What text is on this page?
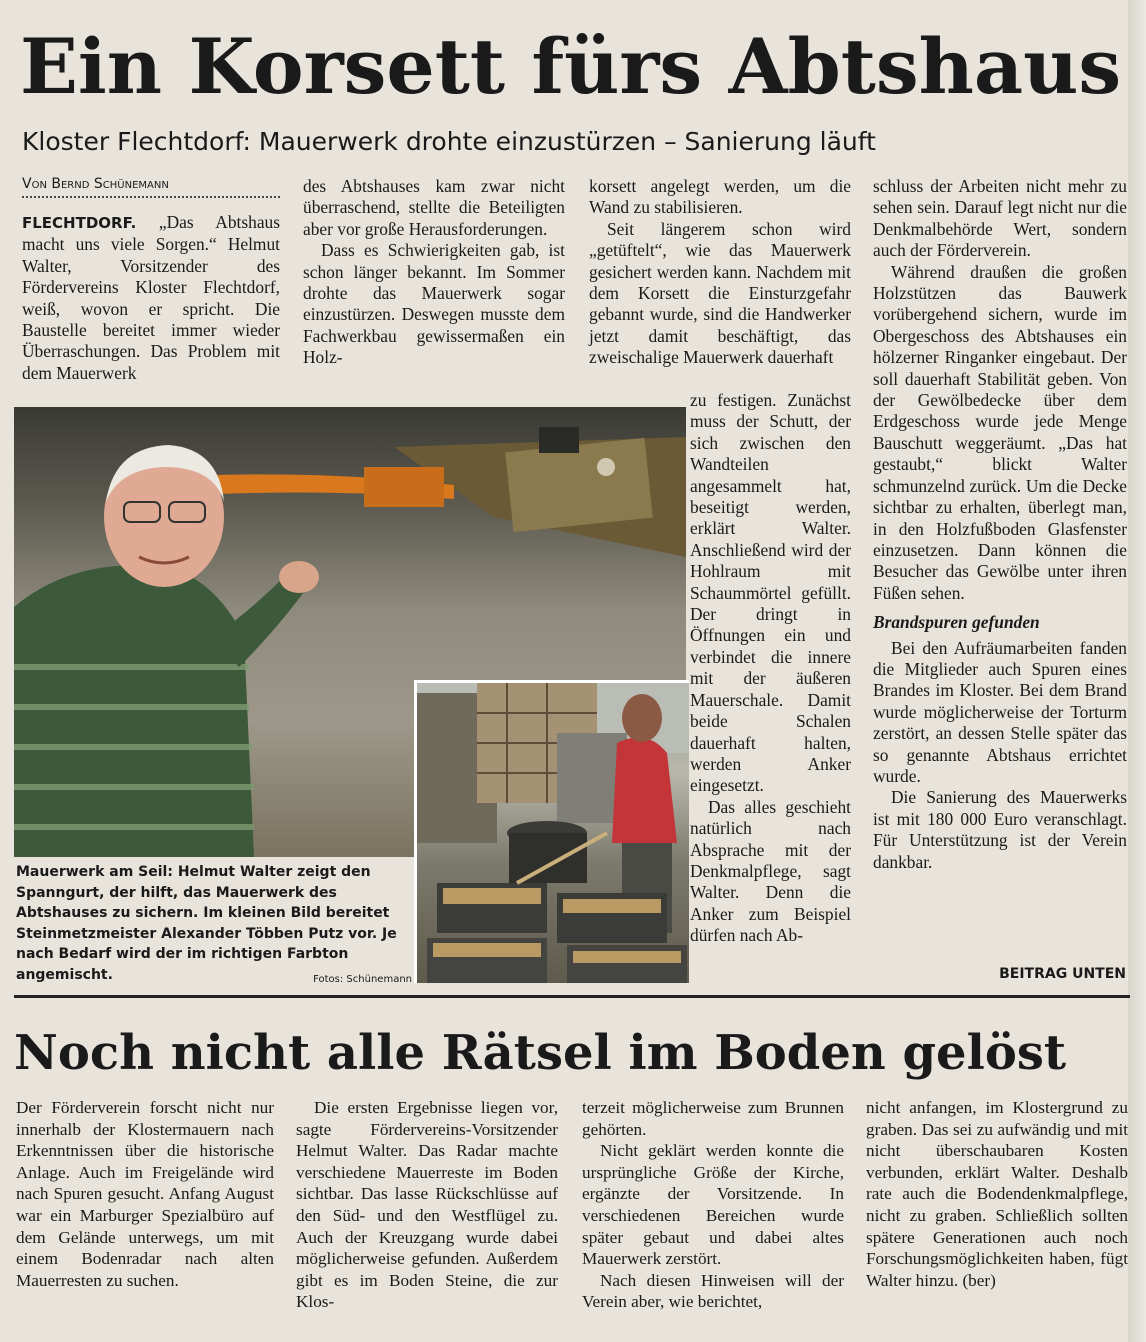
Ein Korsett fürs Abtshaus
Kloster Flechtdorf: Mauerwerk drohte einzustürzen – Sanierung läuft
Von Bernd Schünemann

FLECHTDORF. „Das Abtshaus macht uns viele Sorgen.“ Helmut Walter, Vorsitzender des Fördervereins Kloster Flechtdorf, weiß, wovon er spricht. Die Baustelle bereitet immer wieder Überraschungen. Das Problem mit dem Mauerwerk

des Abtshauses kam zwar nicht überraschend, stellte die Beteiligten aber vor große Herausforderungen.

Dass es Schwierigkeiten gab, ist schon länger bekannt. Im Sommer drohte das Mauerwerk sogar einzustürzen. Deswegen musste dem Fachwerkbau gewissermaßen ein Holz-

korsett angelegt werden, um die Wand zu stabilisieren.

Seit längerem schon wird „getüftelt“, wie das Mauerwerk gesichert werden kann. Nachdem mit dem Korsett die Einsturzgefahr gebannt wurde, sind die Handwerker jetzt damit beschäftigt, das zweischalige Mauerwerk dauerhaft

zu festigen. Zunächst muss der Schutt, der sich zwischen den Wandteilen angesammelt hat, beseitigt werden, erklärt Walter. Anschließend wird der Hohlraum mit Schaummörtel gefüllt. Der dringt in Öffnungen ein und verbindet die innere mit der äußeren Mauerschale. Damit beide Schalen dauerhaft halten, werden Anker eingesetzt.

Das alles geschieht natürlich nach Absprache mit der Denkmalpflege, sagt Walter. Denn die Anker zum Beispiel dürfen nach Ab-

schluss der Arbeiten nicht mehr zu sehen sein. Darauf legt nicht nur die Denkmalbehörde Wert, sondern auch der Förderverein.

Während draußen die großen Holzstützen das Bauwerk vorübergehend sichern, wurde im Obergeschoss des Abtshauses ein hölzerner Ringanker eingebaut. Der soll dauerhaft Stabilität geben. Von der Gewölbedecke über dem Erdgeschoss wurde jede Menge Bauschutt weggeräumt. „Das hat gestaubt,“ blickt Walter schmunzelnd zurück. Um die Decke sichtbar zu erhalten, überlegt man, in den Holzfußboden Glasfenster einzusetzen. Dann können die Besucher das Gewölbe unter ihren Füßen sehen.

Brandspuren gefunden

Bei den Aufräumarbeiten fanden die Mitglieder auch Spuren eines Brandes im Kloster. Bei dem Brand wurde möglicherweise der Torturm zerstört, an dessen Stelle später das so genannte Abtshaus errichtet wurde.

Die Sanierung des Mauerwerks ist mit 180 000 Euro veranschlagt. Für Unterstützung ist der Verein dankbar.

Mauerwerk am Seil: Helmut Walter zeigt den Spanngurt, der hilft, das Mauerwerk des Abtshauses zu sichern. Im kleinen Bild bereitet Steinmetzmeister Alexander Többen Putz vor. Je nach Bedarf wird der im richtigen Farbton angemischt.	Fotos: Schünemann	BEITRAG UNTEN
Noch nicht alle Rätsel im Boden gelöst

Der Förderverein forscht nicht nur innerhalb der Klostermauern nach Erkenntnissen über die historische Anlage. Auch im Freigelände wird nach Spuren gesucht. Anfang August war ein Marburger Spezialbüro auf dem Gelände unterwegs, um mit einem Bodenradar nach alten Mauerresten zu suchen.

Die ersten Ergebnisse liegen vor, sagte Fördervereins-Vorsitzender Helmut Walter. Das Radar machte verschiedene Mauerreste im Boden sichtbar. Das lasse Rückschlüsse auf den Süd- und den Westflügel zu. Auch der Kreuzgang wurde dabei möglicherweise gefunden. Außerdem gibt es im Boden Steine, die zur Klos-

terzeit möglicherweise zum Brunnen gehörten.

Nicht geklärt werden konnte die ursprüngliche Größe der Kirche, ergänzte der Vorsitzende. In verschiedenen Bereichen wurde später gebaut und dabei altes Mauerwerk zerstört.

Nach diesen Hinweisen will der Verein aber, wie berichtet,

nicht anfangen, im Klostergrund zu graben. Das sei zu aufwändig und mit nicht überschaubaren Kosten verbunden, erklärt Walter. Deshalb rate auch die Bodendenkmalpflege, nicht zu graben. Schließlich sollten spätere Generationen auch noch Forschungsmöglichkeiten haben, fügt Walter hinzu. (ber)
